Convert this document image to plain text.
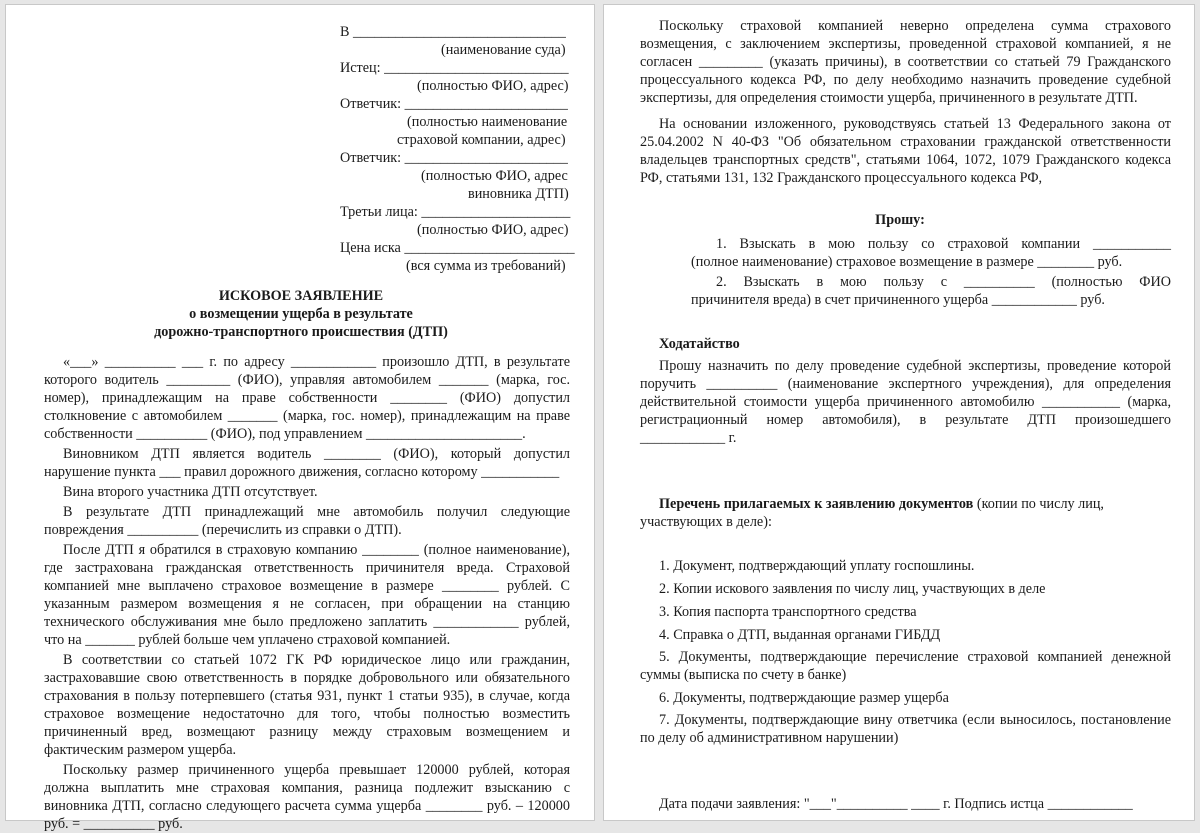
В ______________________________
(наименование суда)
Истец: __________________________
(полностью ФИО, адрес)
Ответчик: _______________________
(полностью наименование
страховой компании, адрес)
Ответчик: _______________________
(полностью ФИО, адрес
виновника ДТП)
Третьи лица: _____________________
(полностью ФИО, адрес)
Цена иска ________________________
(вся сумма из требований)
ИСКОВОЕ ЗАЯВЛЕНИЕ
о возмещении ущерба в результате
дорожно-транспортного происшествия (ДТП)
«___» __________ ___ г. по адресу ____________ произошло ДТП, в результате
которого водитель _________ (ФИО), управляя автомобилем _______ (марка, гос.
номер), принадлежащим на праве собственности ________ (ФИО) допустил
столкновение с автомобилем _______ (марка, гос. номер), принадлежащим на праве
собственности __________ (ФИО), под управлением ______________________.
Виновником ДТП является водитель ________ (ФИО), который допустил
нарушение пункта ___ правил дорожного движения, согласно которому ___________
Вина второго участника ДТП отсутствует.
В результате ДТП принадлежащий мне автомобиль получил следующие
повреждения __________ (перечислить из справки о ДТП).
После ДТП я обратился в страховую компанию ________ (полное наименование),
где застрахована гражданская ответственность причинителя вреда. Страховой
компанией мне выплачено страховое возмещение в размере ________ рублей. С
указанным размером возмещения я не согласен, при обращении на станцию
технического обслуживания мне было предложено заплатить ____________ рублей,
что на _______ рублей больше чем уплачено страховой компанией.
В соответствии со статьей 1072 ГК РФ юридическое лицо или гражданин,
застраховавшие свою ответственность в порядке добровольного или обязательного
страхования в пользу потерпевшего (статья 931, пункт 1 статьи 935), в случае, когда
страховое возмещение недостаточно для того, чтобы полностью возместить
причиненный вред, возмещают разницу между страховым возмещением и
фактическим размером ущерба.
Поскольку размер причиненного ущерба превышает 120000 рублей, которая
должна выплатить мне страховая компания, разница подлежит взысканию с
виновника ДТП, согласно следующего расчета сумма ущерба ________ руб. – 120000
руб. = __________ руб.
Поскольку страховой компанией неверно определена сумма страхового
возмещения, с заключением экспертизы, проведенной страховой компанией, я не
согласен _________ (указать причины), в соответствии со статьей 79 Гражданского
процессуального кодекса РФ, по делу необходимо назначить проведение судебной
экспертизы, для определения стоимости ущерба, причиненного в результате ДТП.
На основании изложенного, руководствуясь статьей 13 Федерального закона от
25.04.2002 N 40-ФЗ "Об обязательном страховании гражданской ответственности
владельцев транспортных средств", статьями 1064, 1072, 1079 Гражданского кодекса
РФ, статьями 131, 132 Гражданского процессуального кодекса РФ,
Прошу:
1. Взыскать в мою пользу со страховой компании ___________
(полное наименование) страховое возмещение в размере ________ руб.
2. Взыскать в мою пользу с __________ (полностью ФИО
причинителя вреда) в счет причиненного ущерба ____________ руб.
Ходатайство
Прошу назначить по делу проведение судебной экспертизы, проведение которой
поручить __________ (наименование экспертного учреждения), для определения
действительной стоимости ущерба причиненного автомобилю ___________ (марка,
регистрационный номер автомобиля), в результате ДТП произошедшего
____________ г.
Перечень прилагаемых к заявлению документов (копии по числу лиц,
участвующих в деле):
1. Документ, подтверждающий уплату госпошлины.
2. Копии искового заявления по числу лиц, участвующих в деле
3. Копия паспорта транспортного средства
4. Справка о ДТП, выданная органами ГИБДД
5. Документы, подтверждающие перечисление страховой компанией денежной
суммы (выписка по счету в банке)
6. Документы, подтверждающие размер ущерба
7. Документы, подтверждающие вину ответчика (если выносилось, постановление
по делу об административном нарушении)
Дата подачи заявления: "___"__________ ____ г. Подпись истца ____________
